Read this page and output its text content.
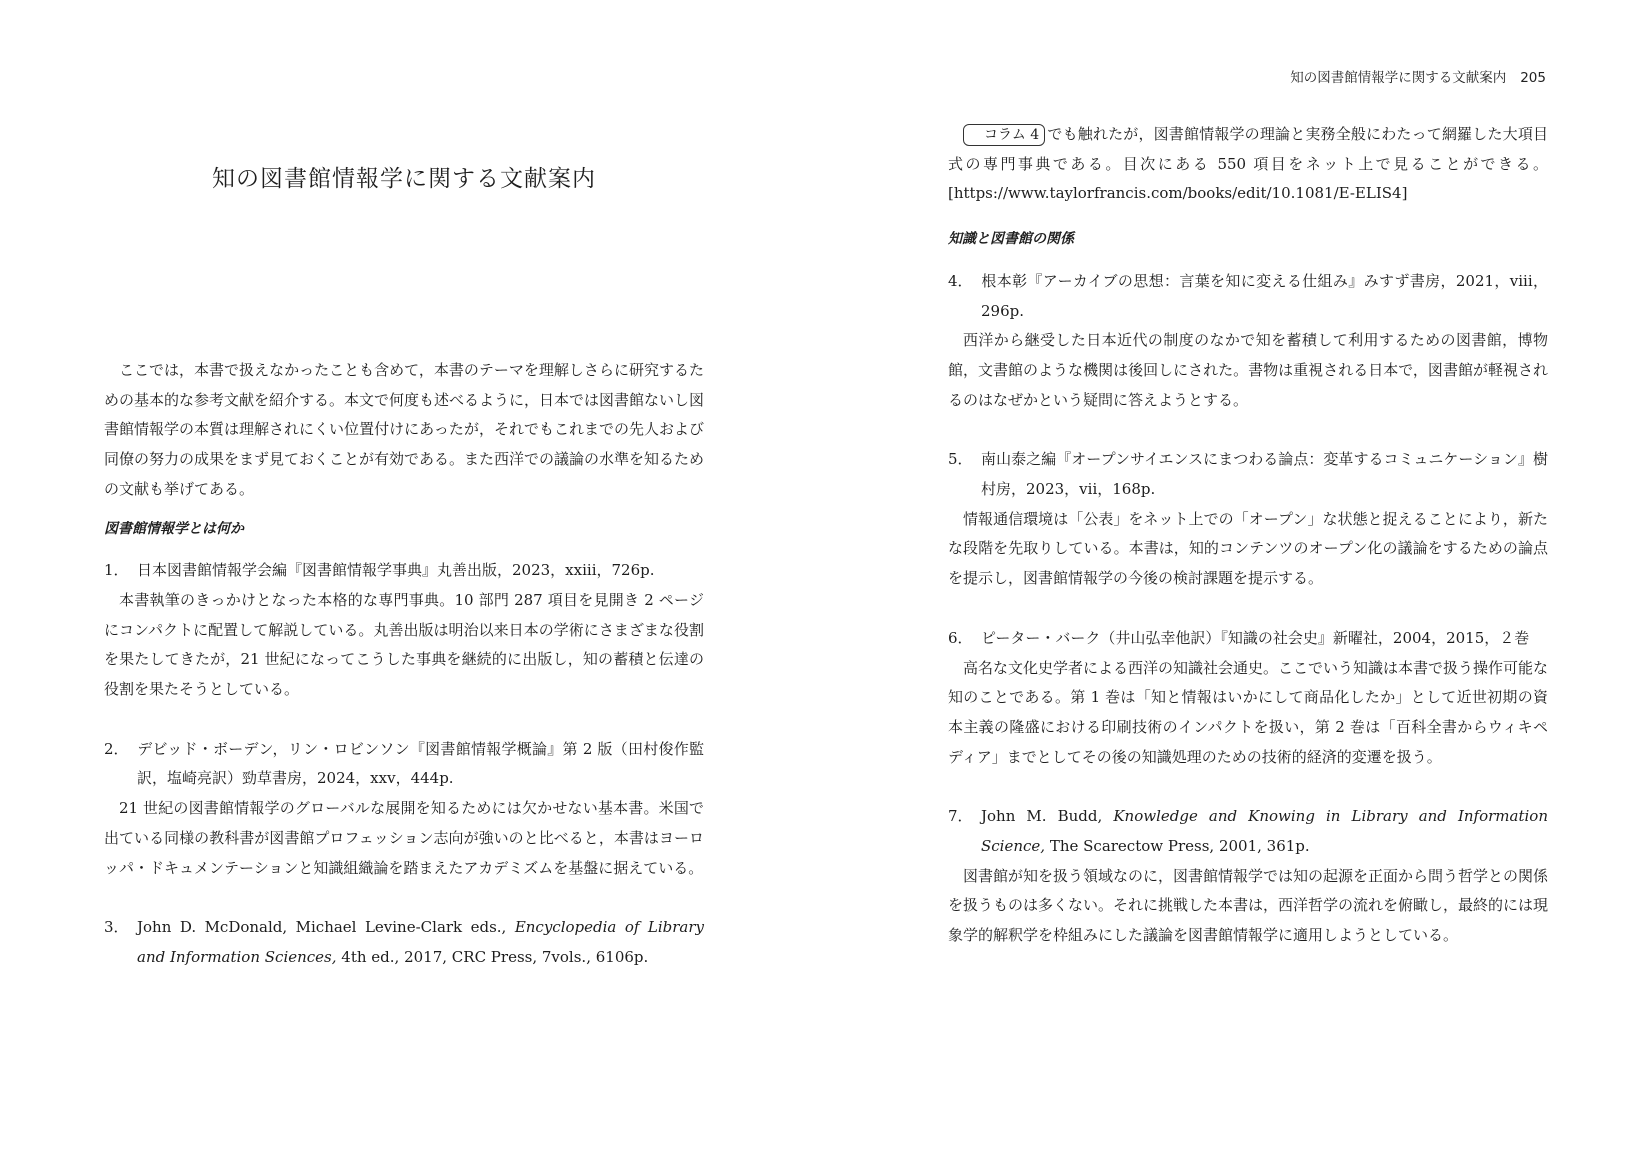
知の図書館情報学に関する文献案内

ここでは，本書で扱えなかったことも含めて，本書のテーマを理解しさらに研究するための基本的な参考文献を紹介する。本文で何度も述べるように，日本では図書館ないし図書館情報学の本質は理解されにくい位置付けにあったが，それでもこれまでの先人および同僚の努力の成果をまず見ておくことが有効である。また西洋での議論の水準を知るための文献も挙げてある。

図書館情報学とは何か

1． 日本図書館情報学会編『図書館情報学事典』丸善出版，2023，xxiii，726p.

本書執筆のきっかけとなった本格的な専門事典。10 部門 287 項目を見開き 2 ページにコンパクトに配置して解説している。丸善出版は明治以来日本の学術にさまざまな役割を果たしてきたが，21 世紀になってこうした事典を継続的に出版し，知の蓄積と伝達の役割を果たそうとしている。

2． デビッド・ボーデン，リン・ロビンソン『図書館情報学概論』第 2 版（田村俊作監訳，塩崎亮訳）勁草書房，2024，xxv，444p.

21 世紀の図書館情報学のグローバルな展開を知るためには欠かせない基本書。米国で出ている同様の教科書が図書館プロフェッション志向が強いのと比べると，本書はヨーロッパ・ドキュメンテーションと知識組織論を踏まえたアカデミズムを基盤に据えている。

3． John D. McDonald, Michael Levine-Clark eds., Encyclopedia of Library and Information Sciences, 4th ed., 2017, CRC Press, 7vols., 6106p.

知の図書館情報学に関する文献案内 205

コラム 4 でも触れたが，図書館情報学の理論と実務全般にわたって網羅した大項目式の専門事典である。目次にある 550 項目をネット上で見ることができる。[https://www.taylorfrancis.com/books/edit/10.1081/E-ELIS4]

知識と図書館の関係

4． 根本彰『アーカイブの思想：言葉を知に変える仕組み』みすず書房，2021，viii，296p.

西洋から継受した日本近代の制度のなかで知を蓄積して利用するための図書館，博物館，文書館のような機関は後回しにされた。書物は重視される日本で，図書館が軽視されるのはなぜかという疑問に答えようとする。

5． 南山泰之編『オープンサイエンスにまつわる論点：変革するコミュニケーション』樹村房，2023，vii，168p.

情報通信環境は「公表」をネット上での「オープン」な状態と捉えることにより，新たな段階を先取りしている。本書は，知的コンテンツのオープン化の議論をするための論点を提示し，図書館情報学の今後の検討課題を提示する。

6． ピーター・バーク（井山弘幸他訳）『知識の社会史』新曜社，2004，2015，２巻

高名な文化史学者による西洋の知識社会通史。ここでいう知識は本書で扱う操作可能な知のことである。第 1 巻は「知と情報はいかにして商品化したか」として近世初期の資本主義の隆盛における印刷技術のインパクトを扱い，第 2 巻は「百科全書からウィキペディア」までとしてその後の知識処理のための技術的経済的変遷を扱う。

7． John M. Budd, Knowledge and Knowing in Library and Information Science, The Scarectow Press, 2001, 361p.

図書館が知を扱う領域なのに，図書館情報学では知の起源を正面から問う哲学との関係を扱うものは多くない。それに挑戦した本書は，西洋哲学の流れを俯瞰し，最終的には現象学的解釈学を枠組みにした議論を図書館情報学に適用しようとしている。
